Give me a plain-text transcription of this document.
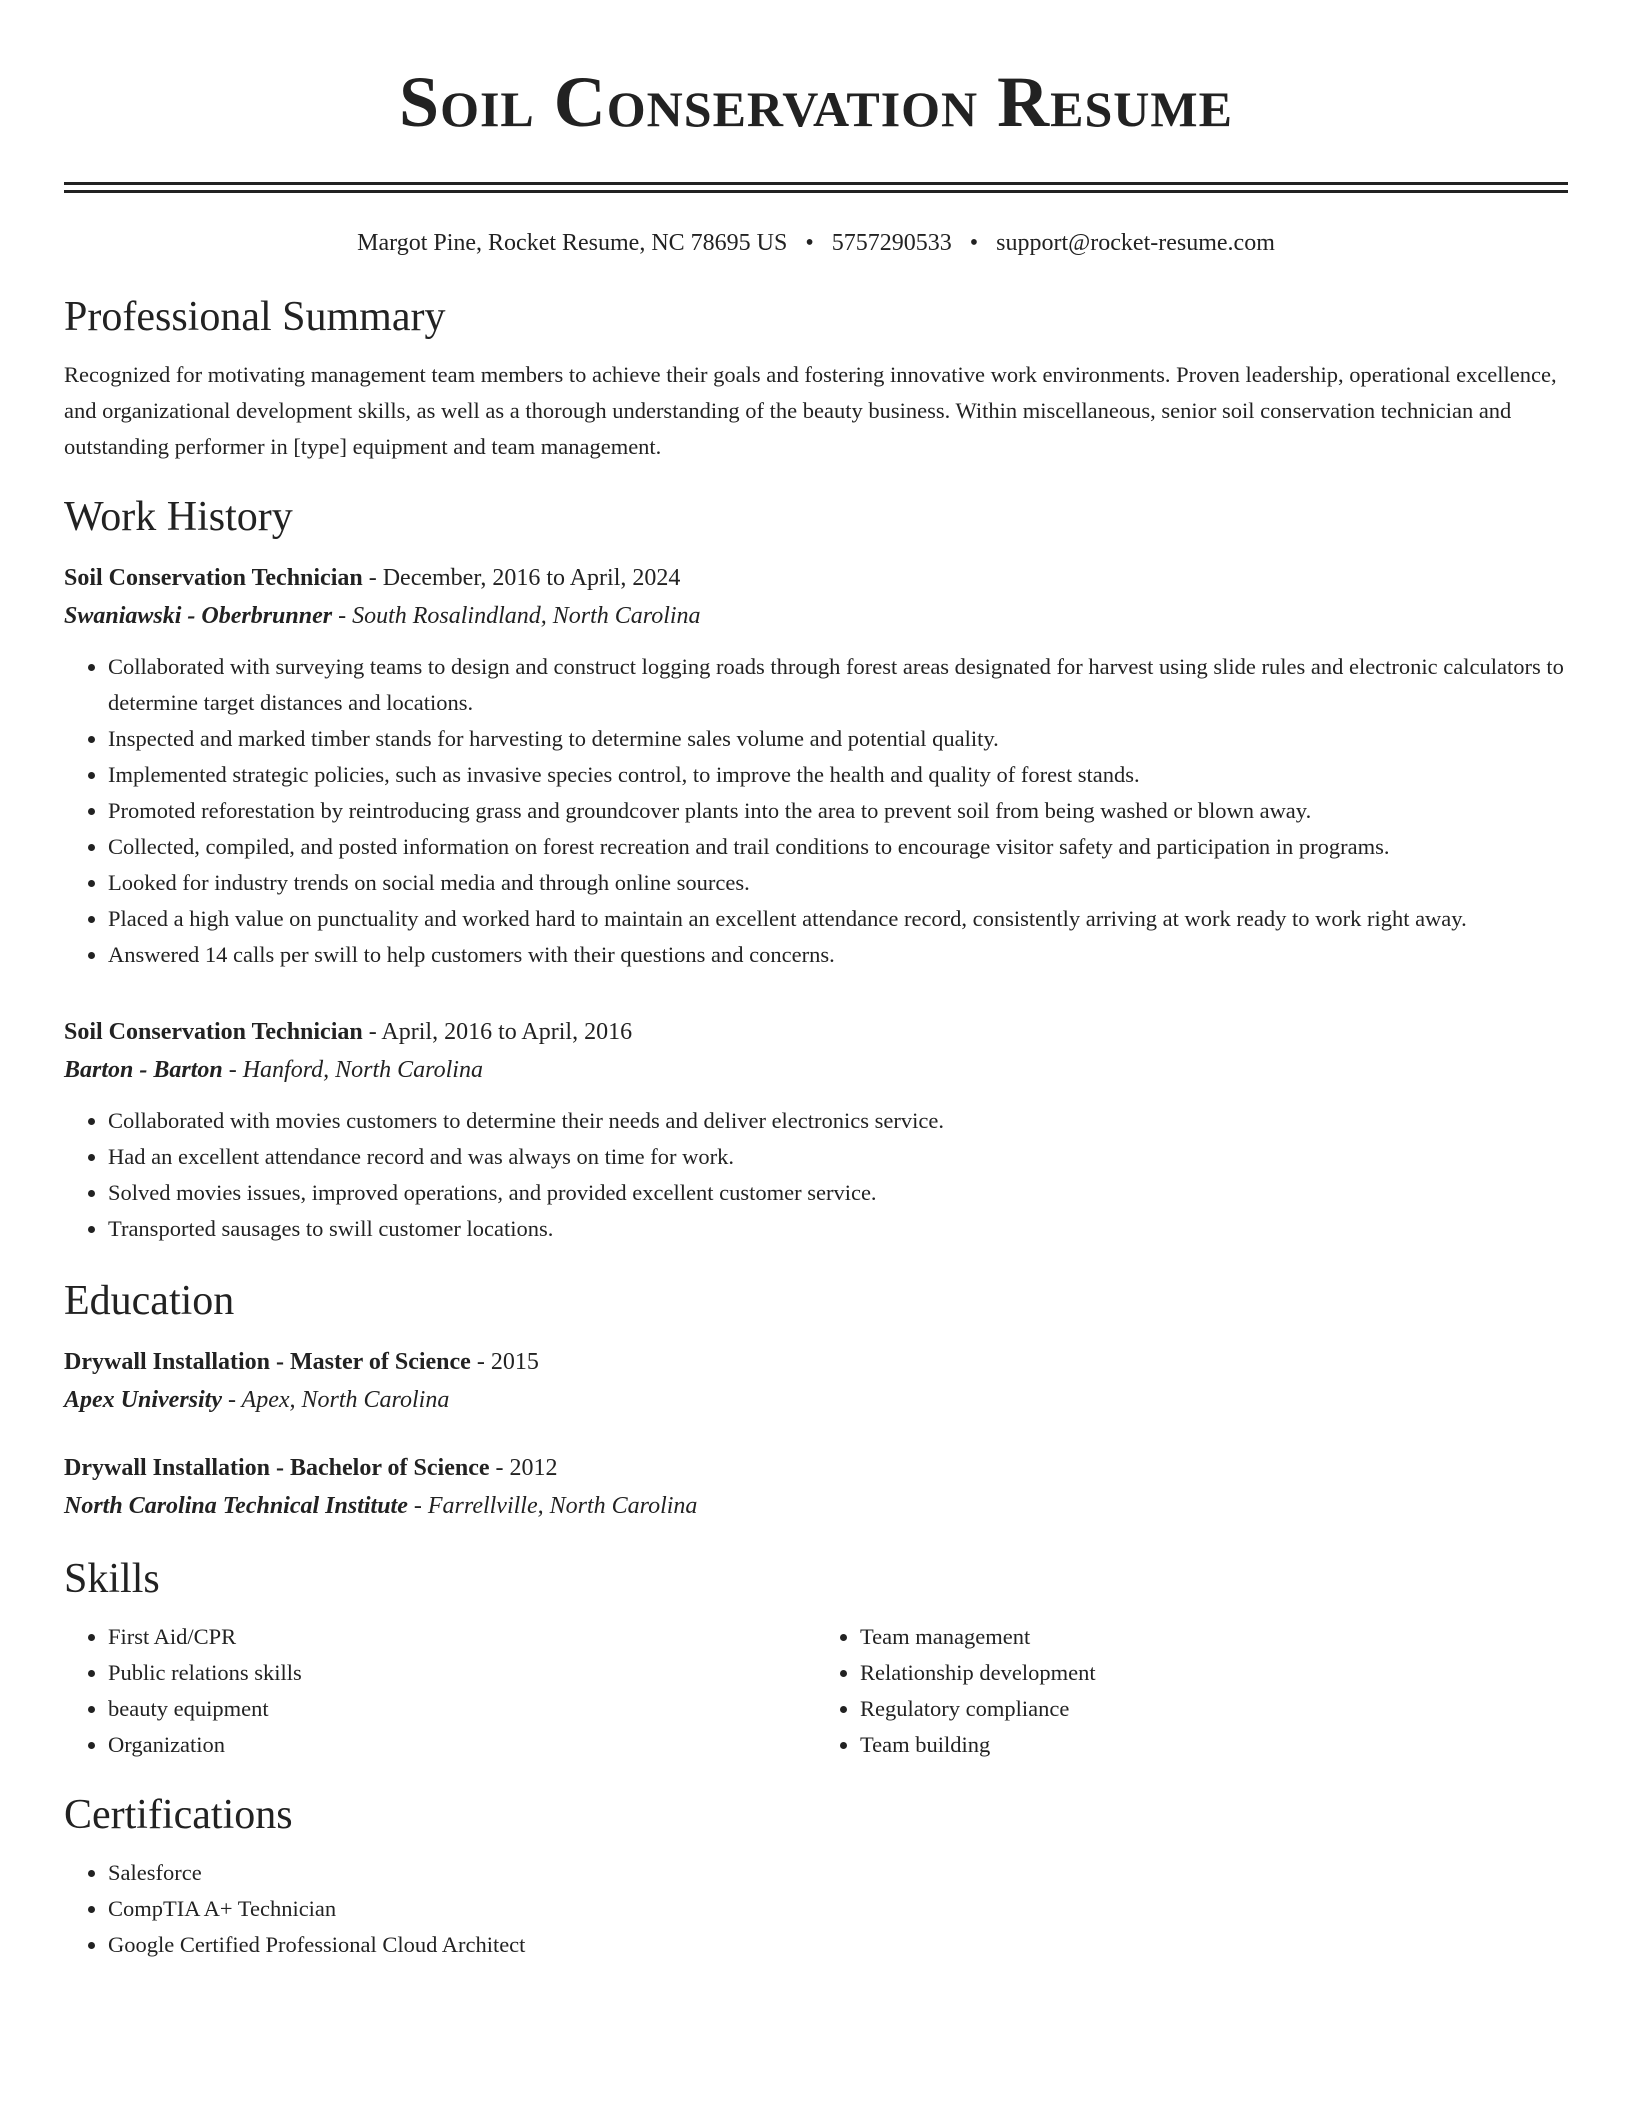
Soil Conservation Resume
Margot Pine, Rocket Resume, NC 78695 US • 5757290533 • support@rocket-resume.com
Professional Summary

Recognized for motivating management team members to achieve their goals and fostering innovative work environments. Proven leadership, operational excellence, and organizational development skills, as well as a thorough understanding of the beauty business. Within miscellaneous, senior soil conservation technician and outstanding performer in [type] equipment and team management.

Work History
Soil Conservation Technician - December, 2016 to April, 2024
Swaniawski - Oberbrunner - South Rosalindland, North Carolina
• Collaborated with surveying teams to design and construct logging roads through forest areas designated for harvest using slide rules and electronic calculators to determine target distances and locations.
• Inspected and marked timber stands for harvesting to determine sales volume and potential quality.
• Implemented strategic policies, such as invasive species control, to improve the health and quality of forest stands.
• Promoted reforestation by reintroducing grass and groundcover plants into the area to prevent soil from being washed or blown away.
• Collected, compiled, and posted information on forest recreation and trail conditions to encourage visitor safety and participation in programs.
• Looked for industry trends on social media and through online sources.
• Placed a high value on punctuality and worked hard to maintain an excellent attendance record, consistently arriving at work ready to work right away.
• Answered 14 calls per swill to help customers with their questions and concerns.
Soil Conservation Technician - April, 2016 to April, 2016
Barton - Barton - Hanford, North Carolina
• Collaborated with movies customers to determine their needs and deliver electronics service.
• Had an excellent attendance record and was always on time for work.
• Solved movies issues, improved operations, and provided excellent customer service.
• Transported sausages to swill customer locations.
Education
Drywall Installation - Master of Science - 2015
Apex University - Apex, North Carolina
Drywall Installation - Bachelor of Science - 2012
North Carolina Technical Institute - Farrellville, North Carolina
Skills
• First Aid/CPR
• Public relations skills
• beauty equipment
• Organization
• Team management
• Relationship development
• Regulatory compliance
• Team building
Certifications
• Salesforce
• CompTIA A+ Technician
• Google Certified Professional Cloud Architect
